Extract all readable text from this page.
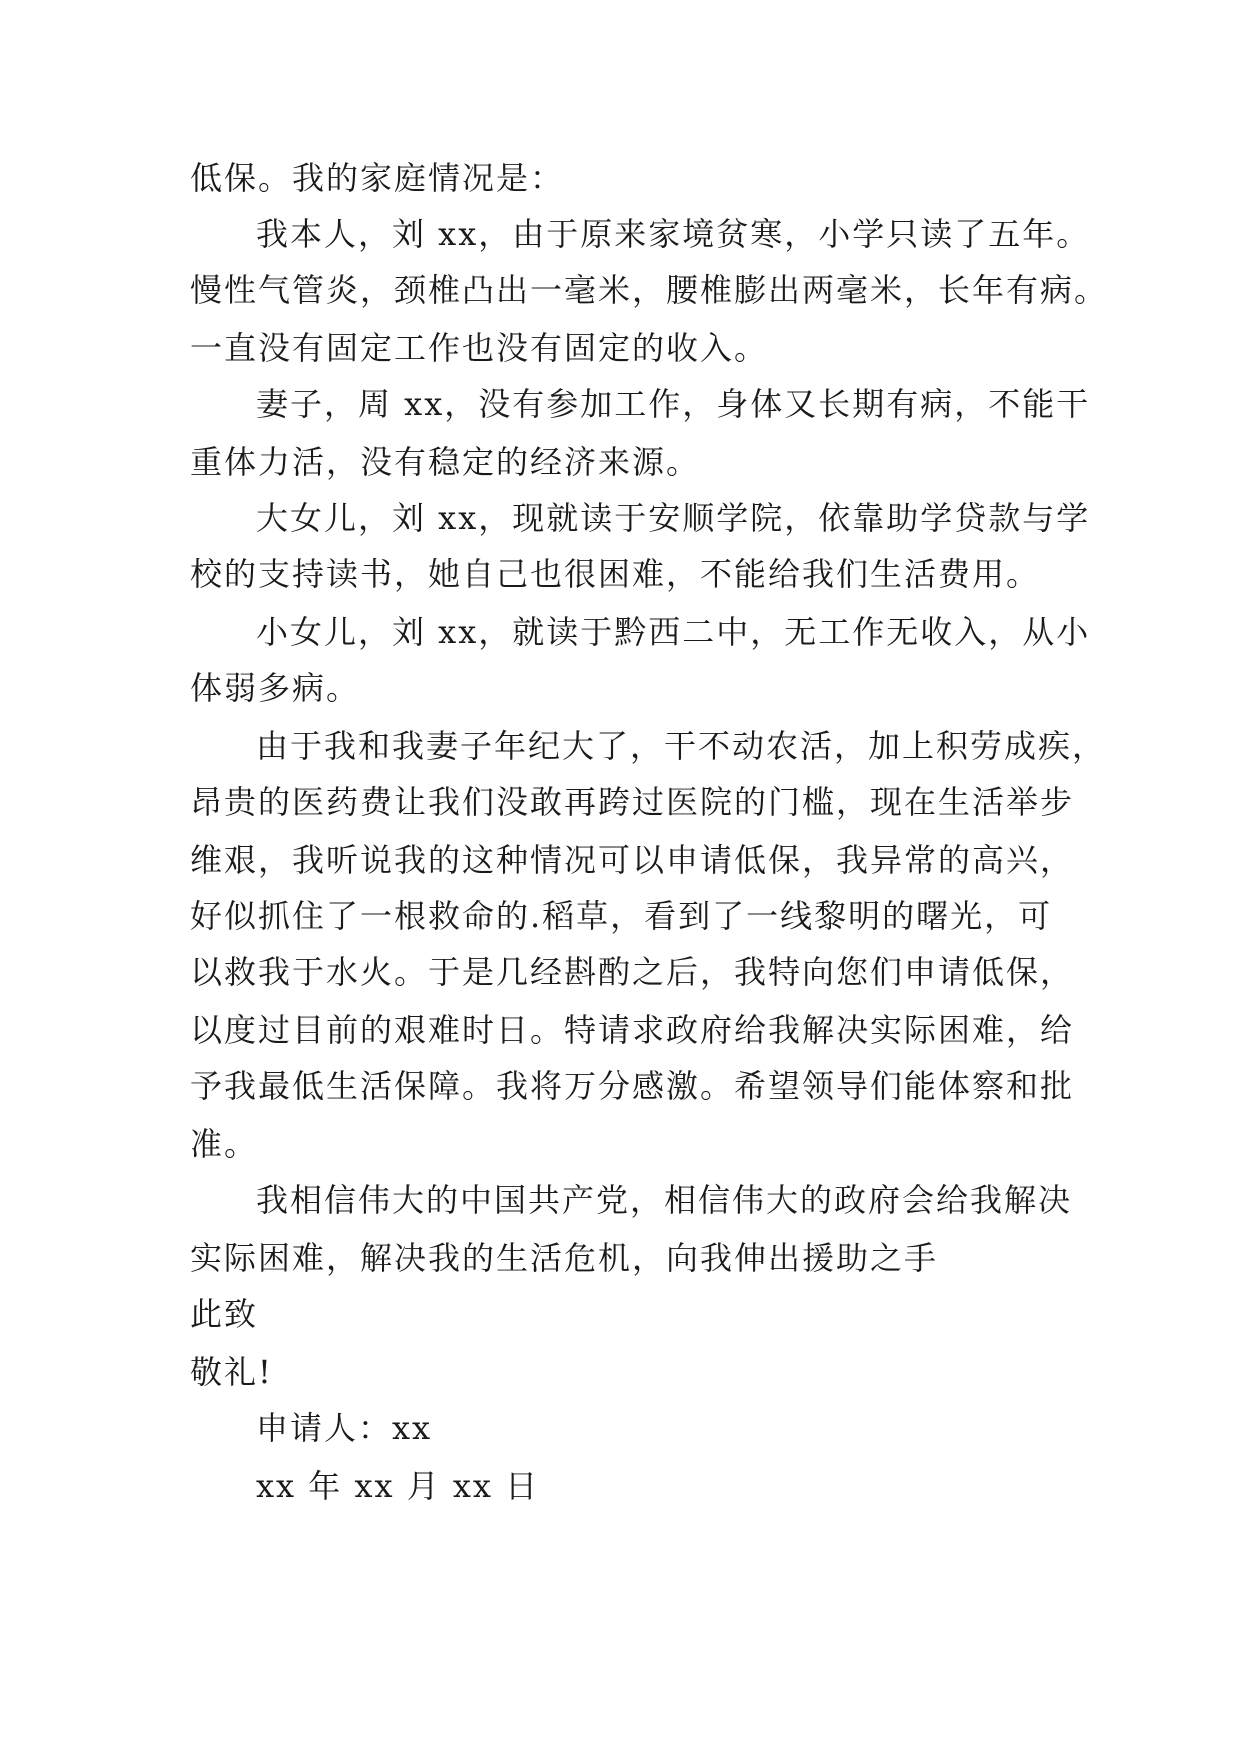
低保。我的家庭情况是：
我本人，刘 xx，由于原来家境贫寒，小学只读了五年。
慢性气管炎，颈椎凸出一毫米，腰椎膨出两毫米，长年有病。
一直没有固定工作也没有固定的收入。
妻子，周 xx，没有参加工作，身体又长期有病，不能干
重体力活，没有稳定的经济来源。
大女儿，刘 xx，现就读于安顺学院，依靠助学贷款与学
校的支持读书，她自己也很困难，不能给我们生活费用。
小女儿，刘 xx，就读于黔西二中，无工作无收入，从小
体弱多病。
由于我和我妻子年纪大了，干不动农活，加上积劳成疾，
昂贵的医药费让我们没敢再跨过医院的门槛，现在生活举步
维艰，我听说我的这种情况可以申请低保，我异常的高兴，
好似抓住了一根救命的.稻草，看到了一线黎明的曙光，可
以救我于水火。于是几经斟酌之后，我特向您们申请低保，
以度过目前的艰难时日。特请求政府给我解决实际困难，给
予我最低生活保障。我将万分感激。希望领导们能体察和批
准。
我相信伟大的中国共产党，相信伟大的政府会给我解决
实际困难，解决我的生活危机，向我伸出援助之手
此致
敬礼!
申请人：xx
xx 年 xx 月 xx 日
